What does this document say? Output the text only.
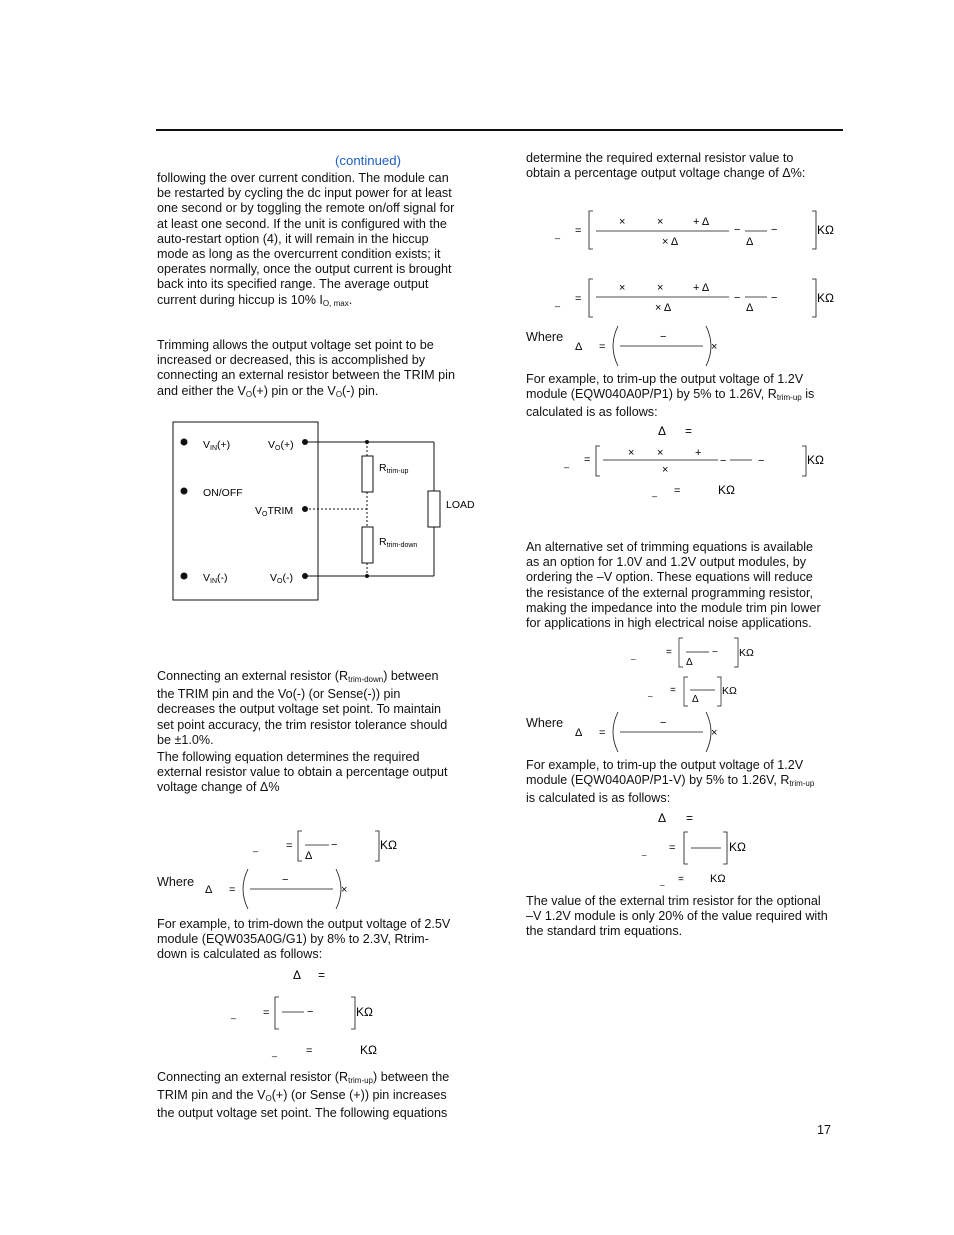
(continued)
following the over current condition. The module can
be restarted by cycling the dc input power for at least
one second or by toggling the remote on/off signal for
at least one second. If the unit is configured with the
auto-restart option (4), it will remain in the hiccup
mode as long as the overcurrent condition exists; it
operates normally, once the output current is brought
back into its specified range. The average output
current during hiccup is 10% $I_{O, max}$.
Trimming allows the output voltage set point to be
increased or decreased, this is accomplished by
connecting an external resistor between the TRIM pin
and either the $V_O(+)$ pin or the $V_O(-)$ pin.
VIN(+)	VO(+)
ON/OFF
VOTRIM
VIN(-)	VO(-)
LOAD
Rtrim-up
Rtrim-down
Connecting an external resistor $(R_{trim-down})$ between
the TRIM pin and the Vo(-) (or Sense(-)) pin
decreases the output voltage set point. To maintain
set point accuracy, the trim resistor tolerance should
be ±1.0%.
The following equation determines the required
external resistor value to obtain a percentage output
voltage change of Δ%
_	=
Δ
−	KΩ
Where
Δ =
−
×
For example, to trim-down the output voltage of 2.5V
module (EQW035A0G/G1) by 8% to 2.3V, Rtrim-
down is calculated as follows:
Δ =
_ =	−	KΩ
_	=	KΩ
Connecting an external resistor $(R_{trim-up})$ between the
TRIM pin and the $V_O(+)$ (or Sense (+)) pin increases
the output voltage set point. The following equations
determine the required external resistor value to
obtain a percentage output voltage change of Δ%:
_ =
×	×	+ Δ
× Δ
−
Δ
−	KΩ
_ =
×	×	+ Δ
× Δ
−
Δ
−	KΩ
Where
Δ =
−
×
For example, to trim-up the output voltage of 1.2V
module (EQW040A0P/P1) by 5% to 1.26V, $R_{trim-up}$ is
calculated is as follows:
Δ =
_ =
× ×	+
×
−	−	KΩ
_ =	KΩ
An alternative set of trimming equations is available
as an option for 1.0V and 1.2V output modules, by
ordering the –V option. These equations will reduce
the resistance of the external programming resistor,
making the impedance into the module trim pin lower
for applications in high electrical noise applications.
_	=
Δ
− KΩ
_ =
Δ
KΩ
Where
Δ =
−
×
For example, to trim-up the output voltage of 1.2V
module (EQW040A0P/P1-V) by 5% to 1.26V, $R_{trim-up}$
is calculated is as follows:
Δ =
_ =	KΩ
_ = KΩ
The value of the external trim resistor for the optional
–V 1.2V module is only 20% of the value required with
the standard trim equations.
17
